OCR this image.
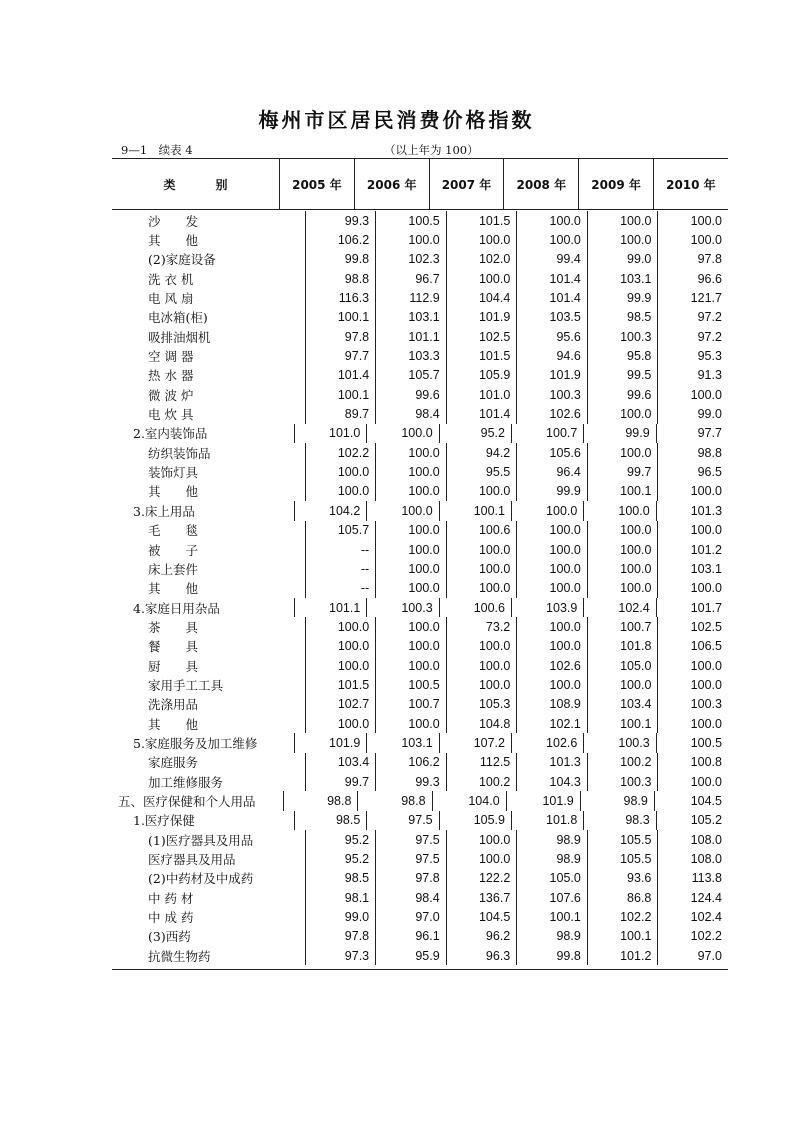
梅州市区居民消费价格指数
9—1　续表 4	（以上年为 100）
类	别	2005 年	2006 年	2007 年	2008 年	2009 年	2010 年
沙　　发	99.3	100.5	101.5	100.0	100.0	100.0
其　　他	106.2	100.0	100.0	100.0	100.0	100.0
(2)家庭设备	99.8	102.3	102.0	99.4	99.0	97.8
洗 衣 机	98.8	96.7	100.0	101.4	103.1	96.6
电 风 扇	116.3	112.9	104.4	101.4	99.9	121.7
电冰箱(柜)	100.1	103.1	101.9	103.5	98.5	97.2
吸排油烟机	97.8	101.1	102.5	95.6	100.3	97.2
空 调 器	97.7	103.3	101.5	94.6	95.8	95.3
热 水 器	101.4	105.7	105.9	101.9	99.5	91.3
微 波 炉	100.1	99.6	101.0	100.3	99.6	100.0
电 炊 具	89.7	98.4	101.4	102.6	100.0	99.0
2.室内装饰品	101.0	100.0	95.2	100.7	99.9	97.7
纺织装饰品	102.2	100.0	94.2	105.6	100.0	98.8
装饰灯具	100.0	100.0	95.5	96.4	99.7	96.5
其　　他	100.0	100.0	100.0	99.9	100.1	100.0
3.床上用品	104.2	100.0	100.1	100.0	100.0	101.3
毛　　毯	105.7	100.0	100.6	100.0	100.0	100.0
被　　子	--	100.0	100.0	100.0	100.0	101.2
床上套件	--	100.0	100.0	100.0	100.0	103.1
其　　他	--	100.0	100.0	100.0	100.0	100.0
4.家庭日用杂品	101.1	100.3	100.6	103.9	102.4	101.7
茶　　具	100.0	100.0	73.2	100.0	100.7	102.5
餐　　具	100.0	100.0	100.0	100.0	101.8	106.5
厨　　具	100.0	100.0	100.0	102.6	105.0	100.0
家用手工工具	101.5	100.5	100.0	100.0	100.0	100.0
洗涤用品	102.7	100.7	105.3	108.9	103.4	100.3
其　　他	100.0	100.0	104.8	102.1	100.1	100.0
5.家庭服务及加工维修	101.9	103.1	107.2	102.6	100.3	100.5
家庭服务	103.4	106.2	112.5	101.3	100.2	100.8
加工维修服务	99.7	99.3	100.2	104.3	100.3	100.0
五、医疗保健和个人用品	98.8	98.8	104.0	101.9	98.9	104.5
1.医疗保健	98.5	97.5	105.9	101.8	98.3	105.2
(1)医疗器具及用品	95.2	97.5	100.0	98.9	105.5	108.0
医疗器具及用品	95.2	97.5	100.0	98.9	105.5	108.0
(2)中药材及中成药	98.5	97.8	122.2	105.0	93.6	113.8
中 药 材	98.1	98.4	136.7	107.6	86.8	124.4
中 成 药	99.0	97.0	104.5	100.1	102.2	102.4
(3)西药	97.8	96.1	96.2	98.9	100.1	102.2
抗微生物药	97.3	95.9	96.3	99.8	101.2	97.0
